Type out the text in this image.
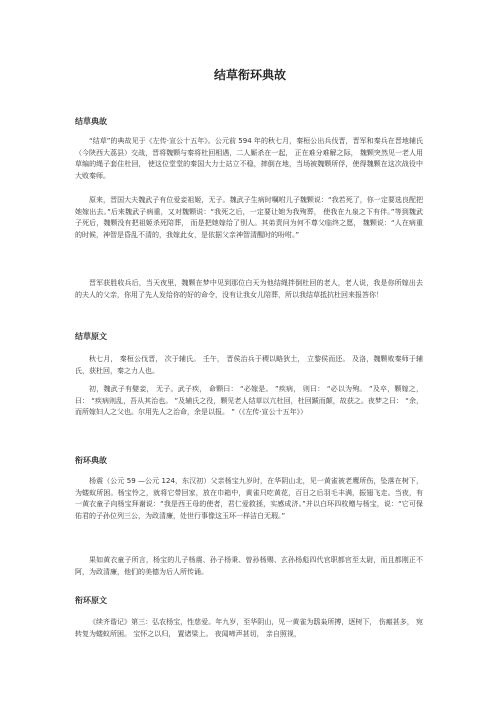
结草衔环典故
结草典故

“结草”的典故见于《左传·宣公十五年》。公元前 594 年的秋七月，秦桓公出兵伐晋，晋军和秦兵在晋地辅氏（今陕西大荔县）交战，晋将魏颗与秦将杜回相遇，二人厮杀在一起， 正在难分难解之际， 魏颗突然见一老人用草编的绳子套住杜回， 使这位堂堂的秦国大力士站立不稳，摔倒在地，当场被魏颗所俘，使得魏颗在这次战役中大败秦师。

原来，晋国大夫魏武子有位爱妾祖姬，无子。魏武子生病时嘱咐儿子魏颗说：“我若死了，你一定要选良配把她嫁出去。”后来魏武子病重，又对魏颗说：“我死之后，一定要让她为我殉葬， 使我在九泉之下有伴。”等到魏武子死后，魏颗没有把祖姬杀死陪葬， 而是把她嫁给了别人。其弟责问为何不尊父临终之愿， 魏颗说：“人在病重的时候，神智是昏乱不清的，我嫁此女，是依据父亲神智清醒时的吩咐。”

晋军获胜收兵后，当天夜里，魏颗在梦中见到那位白天为他结绳拌倒杜回的老人，老人说，我是你所嫁出去的夫人的父亲，你用了先人发给你的好的命令，没有让我女儿陪葬，所以我结草抵抗杜回来报答你！

结草原文

秋七月， 秦桓公伐晋， 次于辅氏。 壬午， 晋侯治兵于稷以略狄土， 立黎侯而还。 及洛，魏颗败秦师于辅氏，获杜回，秦之力人也。

初，魏武子有嬖妾， 无子。武子疾， 命颗曰： “必嫁是。 ”疾病， 则曰： “必以为殉。 ”及卒，颗嫁之，曰： “疾病则乱，吾从其治也。 ”及辅氏之役，颗见老人结草以亢杜回，杜回踬而颠，故获之。夜梦之曰： “余，而所嫁妇人之父也。尔用先人之治命，余是以报。 ”（《左传·宣公十五年》）

衔环典故

杨震（公元 59 —公元 124，东汉初）父亲杨宝九岁时，在华阴山北，见一黄雀被老鹰所伤，坠落在树下，为蝼蚁所困。杨宝怜之，就将它带回家，放在巾箱中，黄雀只吃黄花，百日之后羽毛丰满，振翅飞走。当夜，有一黄衣童子向杨宝拜谢说：“我是西王母的使者，君仁爱救拯，实感成济。”并以白环四枚赠与杨宝，说：“它可保佑君的子孙位列三公，为政清廉，处世行事像这玉环一样洁白无瑕。”

果如黄衣童子所言，杨宝的儿子杨震、孙子杨秉、曾孙杨赐、玄孙杨彪四代官职都官至太尉，而且都刚正不阿，为政清廉，他们的美德为后人所传诵。

衔环原文

《续齐谐记》第三：弘农杨宝，性慈爱。年九岁，至华阴山，见一黄雀为鸱枭所搏，逐树下， 伤瘢甚多， 宛转复为蝼蚁所困。 宝怀之以归， 置诸梁上。 夜闻啼声甚切， 亲自照视，
